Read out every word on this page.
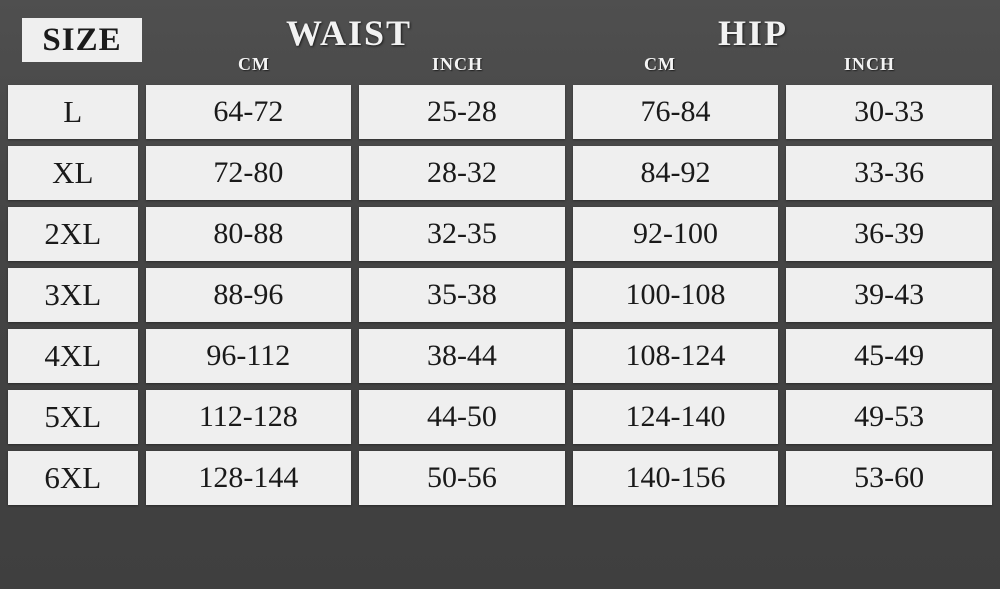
SIZE	WAIST	HIP
CM	INCH	CM	INCH
L	64-72	25-28	76-84	30-33
XL	72-80	28-32	84-92	33-36
2XL	80-88	32-35	92-100	36-39
3XL	88-96	35-38	100-108	39-43
4XL	96-112	38-44	108-124	45-49
5XL	112-128	44-50	124-140	49-53
6XL	128-144	50-56	140-156	53-60
